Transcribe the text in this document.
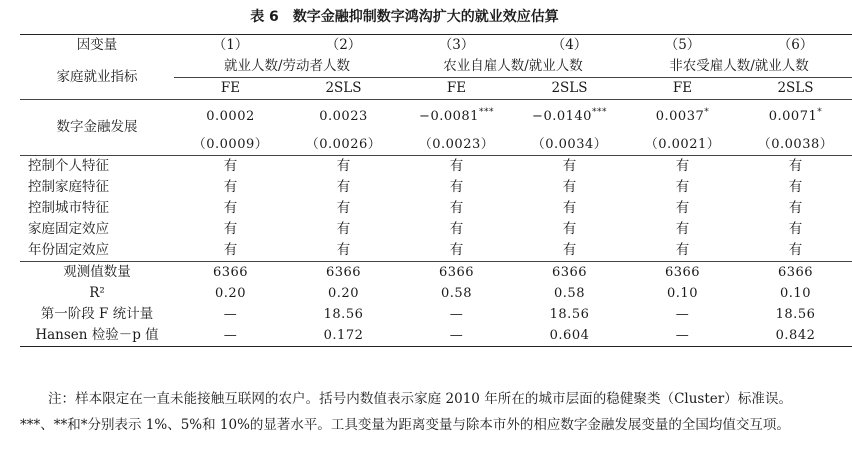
表 6 数字金融抑制数字鸿沟扩大的就业效应估算
因变量	（1）	（2）	（3）	（4）	（5）	（6）
家庭就业指标	就业人数/劳动者人数		农业自雇人数/就业人数		非农受雇人数/就业人数	
	FE	2SLS	FE	2SLS	FE	2SLS
数字金融发展	0.0002	0.0023	−0.0081***	−0.0140***	0.0037*	0.0071*
	（0.0009）	（0.0026）	（0.0023）	（0.0034）	（0.0021）	（0.0038）
控制个人特征	有	有	有	有	有	有
控制家庭特征	有	有	有	有	有	有
控制城市特征	有	有	有	有	有	有
家庭固定效应	有	有	有	有	有	有
年份固定效应	有	有	有	有	有	有
观测值数量	6366	6366	6366	6366	6366	6366
R²	0.20	0.20	0.58	0.58	0.10	0.10
第一阶段 F 统计量	—	18.56	—	18.56	—	18.56
Hansen 检验－p 值	—	0.172	—	0.604	—	0.842

注：样本限定在一直未能接触互联网的农户。括号内数值表示家庭 2010 年所在的城市层面的稳健聚类（Cluster）标准误。***、**和*分别表示 1%、5%和 10%的显著水平。工具变量为距离变量与除本市外的相应数字金融发展变量的全国均值交互项。
